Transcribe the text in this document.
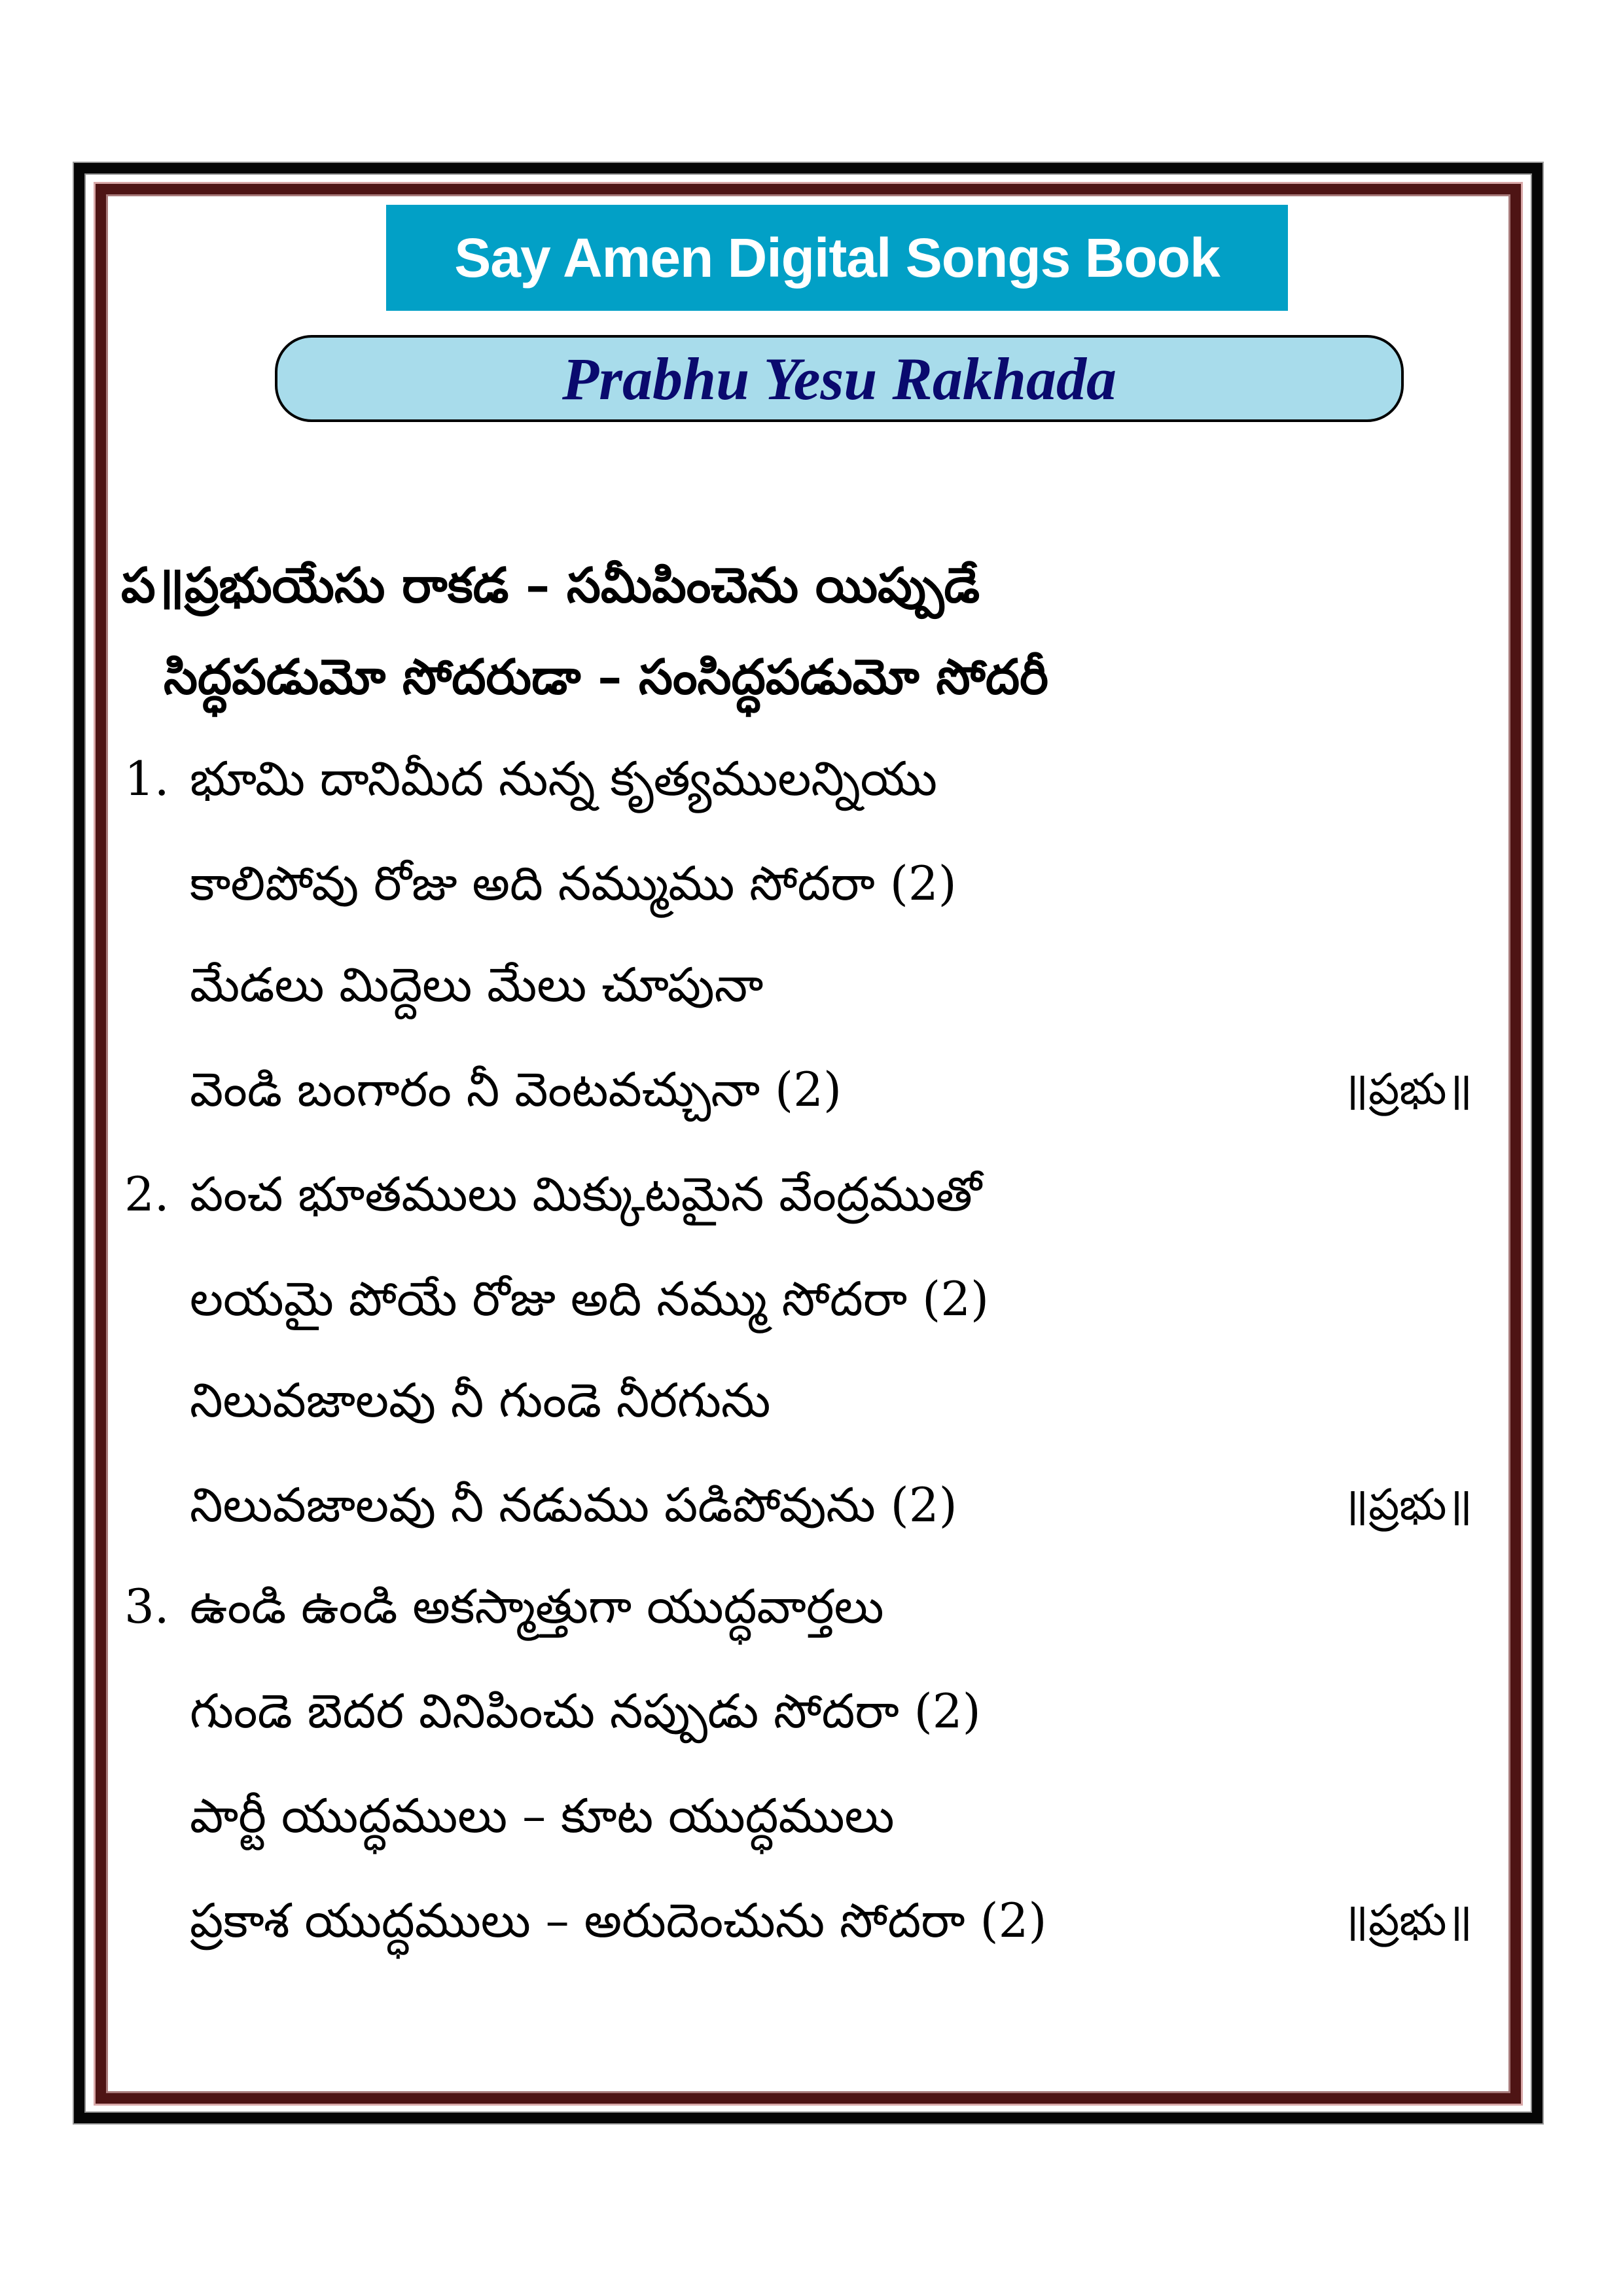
Say Amen Digital Songs Book
Prabhu Yesu Rakhada
ప॥ప్రభుయేసు రాకడ – సమీపించెను యిప్పుడే
సిద్ధపడుమో సోదరుడా – సంసిద్ధపడుమో సోదరీ
1. భూమి దానిమీద నున్న కృత్యములన్నియు
కాలిపోవు రోజు అది నమ్ముము సోదరా (2)
మేడలు మిద్దెలు మేలు చూపునా
వెండి బంగారం నీ వెంటవచ్చునా (2)	॥ప్రభు॥
2. పంచ భూతములు మిక్కుటమైన వేంద్రముతో
లయమై పోయే రోజు అది నమ్ము సోదరా (2)
నిలువజాలవు నీ గుండె నీరగును
నిలువజాలవు నీ నడుము పడిపోవును (2)	॥ప్రభు॥
3. ఉండి ఉండి అకస్మాత్తుగా యుద్ధవార్తలు
గుండె బెదర వినిపించు నప్పుడు సోదరా (2)
పార్టీ యుద్ధములు – కూట యుద్ధములు
ప్రకాశ యుద్ధములు – అరుదెంచును సోదరా (2)	॥ప్రభు॥
